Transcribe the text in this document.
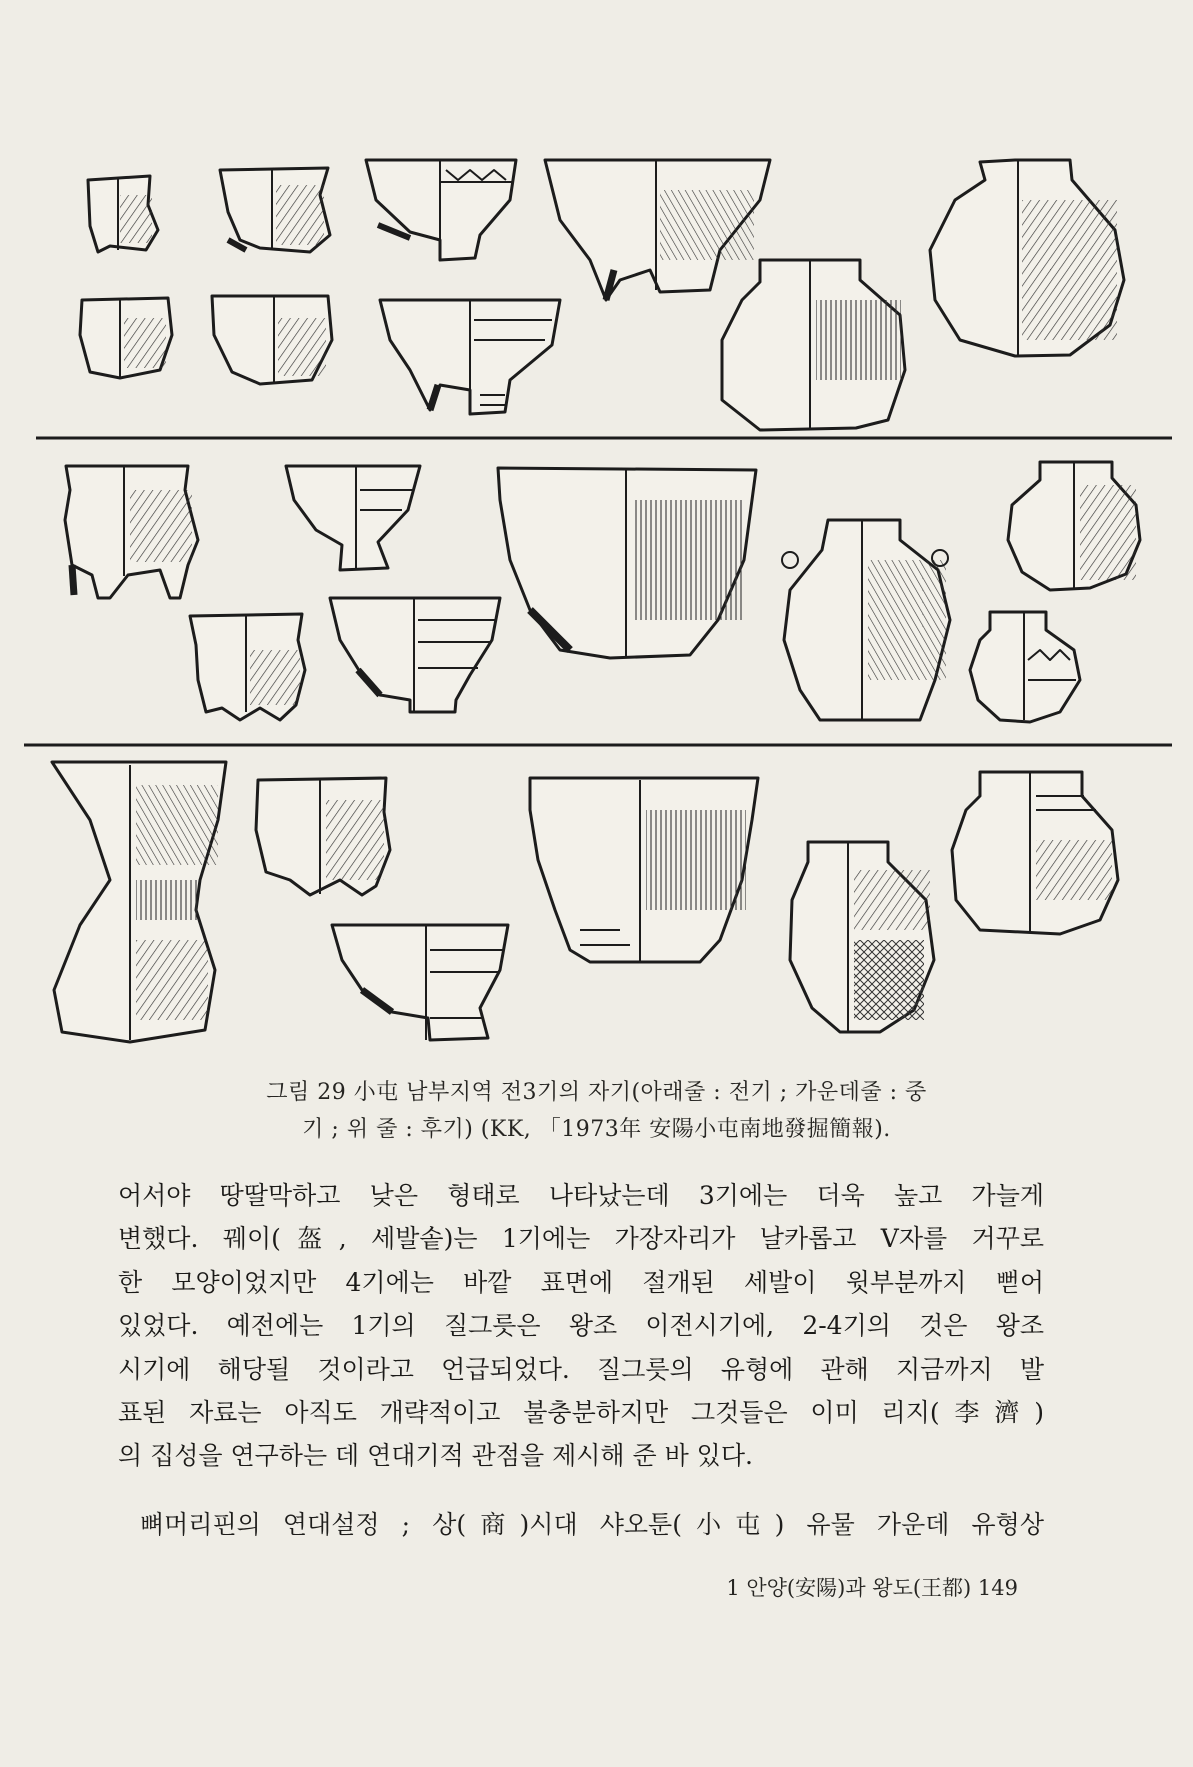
그림 29 小屯 남부지역 전3기의 자기(아래줄 : 전기 ; 가운데줄 : 중
기 ; 위 줄 : 후기) (KK, 「1973年 安陽小屯南地發掘簡報).
어서야 땅딸막하고 낮은 형태로 나타났는데 3기에는 더욱 높고 가늘게
변했다. 꿰이(盔, 세발솥)는 1기에는 가장자리가 날카롭고 V자를 거꾸로
한 모양이었지만 4기에는 바깥 표면에 절개된 세발이 윗부분까지 뻗어
있었다. 예전에는 1기의 질그릇은 왕조 이전시기에, 2-4기의 것은 왕조
시기에 해당될 것이라고 언급되었다. 질그릇의 유형에 관해 지금까지 발
표된 자료는 아직도 개략적이고 불충분하지만 그것들은 이미 리지(李濟)
의 집성을 연구하는 데 연대기적 관점을 제시해 준 바 있다.

뼈머리핀의 연대설정 ; 상(商)시대 샤오툰(小屯) 유물 가운데 유형상

1 안양(安陽)과 왕도(王都) 149
